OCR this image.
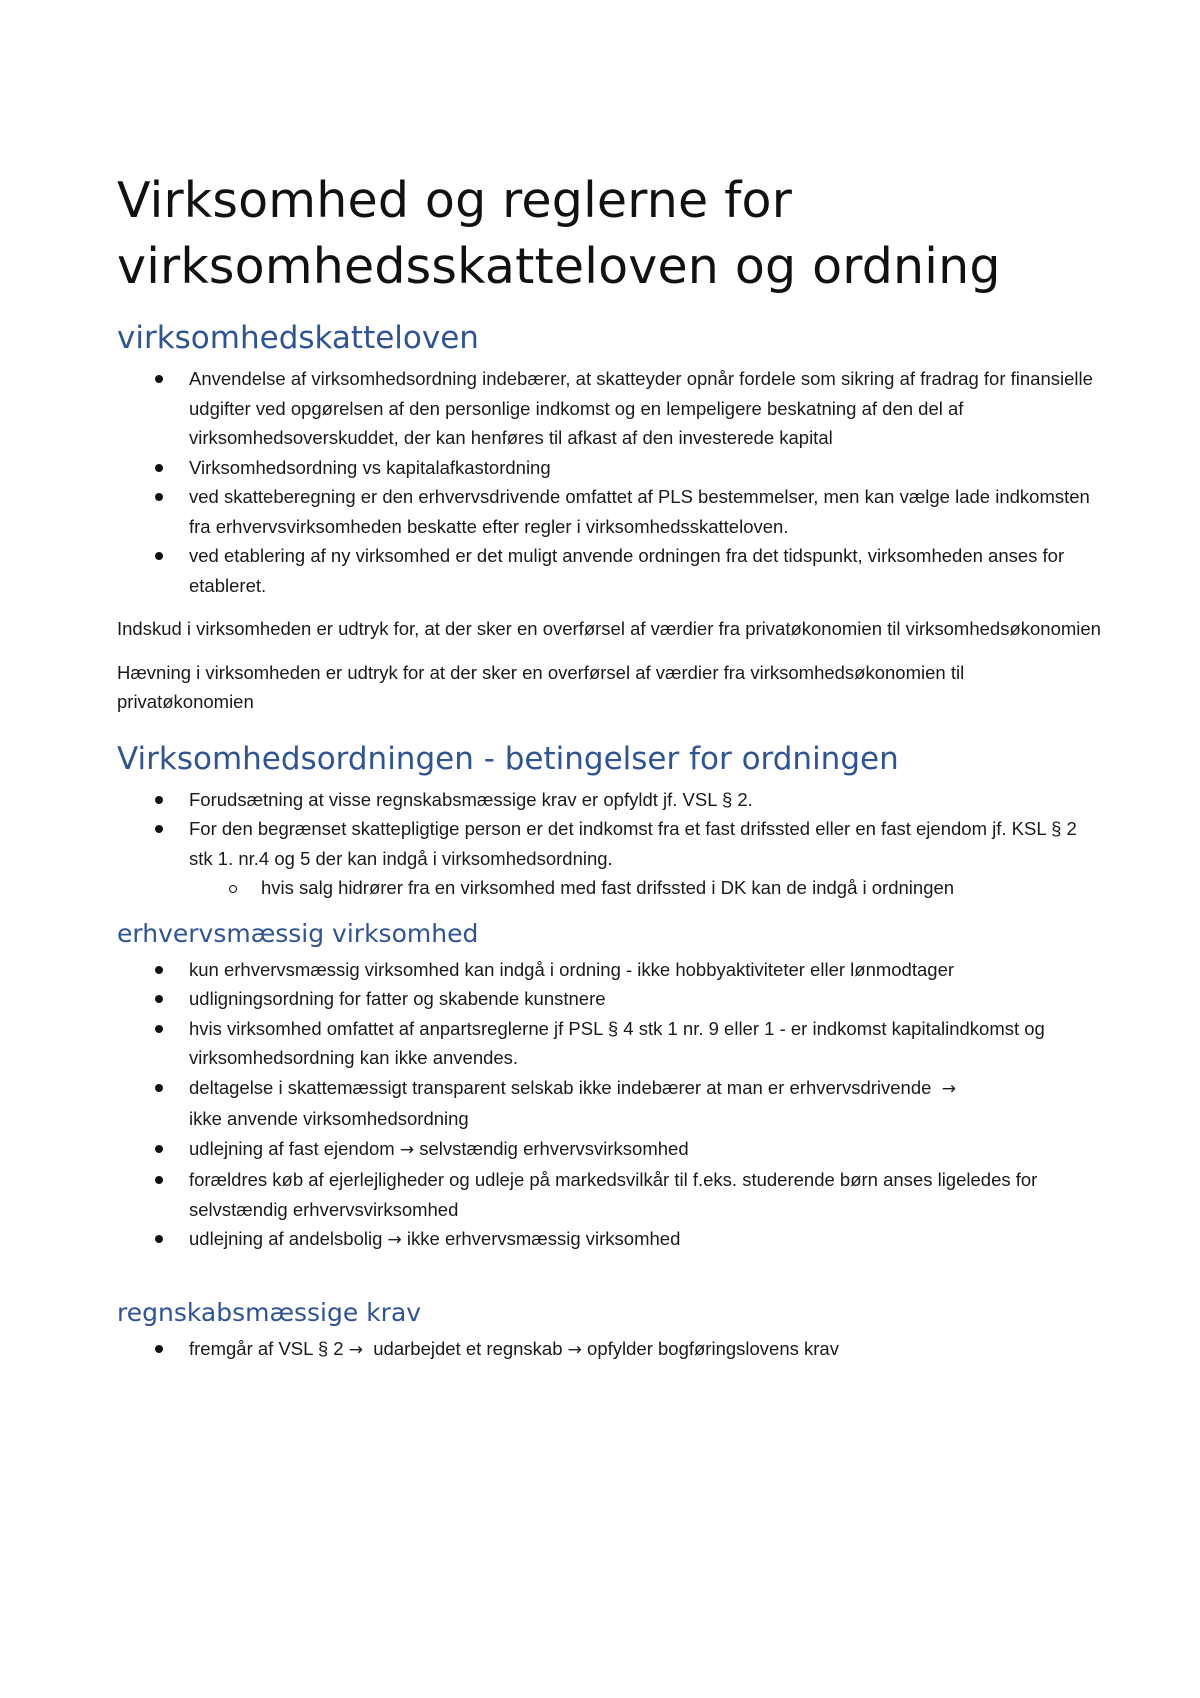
Virksomhed og reglerne for virksomhedsskatteloven og ordning
virksomhedskatteloven
Anvendelse af virksomhedsordning indebærer, at skatteyder opnår fordele som sikring af fradrag for finansielle udgifter ved opgørelsen af den personlige indkomst og en lempeligere beskatning af den del af virksomhedsoverskuddet, der kan henføres til afkast af den investerede kapital
Virksomhedsordning vs kapitalafkastordning
ved skatteberegning er den erhvervsdrivende omfattet af PLS bestemmelser, men kan vælge lade indkomsten fra erhvervsvirksomheden beskatte efter regler i virksomhedsskatteloven.
ved etablering af ny virksomhed er det muligt anvende ordningen fra det tidspunkt, virksomheden anses for etableret.

Indskud i virksomheden er udtryk for, at der sker en overførsel af værdier fra privatøkonomien til virksomhedsøkonomien

Hævning i virksomheden er udtryk for at der sker en overførsel af værdier fra virksomhedsøkonomien til privatøkonomien

Virksomhedsordningen - betingelser for ordningen
Forudsætning at visse regnskabsmæssige krav er opfyldt jf. VSL § 2.
For den begrænset skattepligtige person er det indkomst fra et fast drifssted eller en fast ejendom jf. KSL § 2 stk 1. nr.4 og 5 der kan indgå i virksomhedsordning.
hvis salg hidrører fra en virksomhed med fast drifssted i DK kan de indgå i ordningen
erhvervsmæssig virksomhed
kun erhvervsmæssig virksomhed kan indgå i ordning - ikke hobbyaktiviteter eller lønmodtager
udligningsordning for fatter og skabende kunstnere
hvis virksomhed omfattet af anpartsreglerne jf PSL § 4 stk 1 nr. 9 eller 1 - er indkomst kapitalindkomst og virksomhedsordning kan ikke anvendes.
deltagelse i skattemæssigt transparent selskab ikke indebærer at man er erhvervsdrivende →
ikke anvende virksomhedsordning
udlejning af fast ejendom → selvstændig erhvervsvirksomhed
forældres køb af ejerlejligheder og udleje på markedsvilkår til f.eks. studerende børn anses ligeledes for selvstændig erhvervsvirksomhed
udlejning af andelsbolig → ikke erhvervsmæssig virksomhed
regnskabsmæssige krav
fremgår af VSL § 2 → udarbejdet et regnskab → opfylder bogføringslovens krav
